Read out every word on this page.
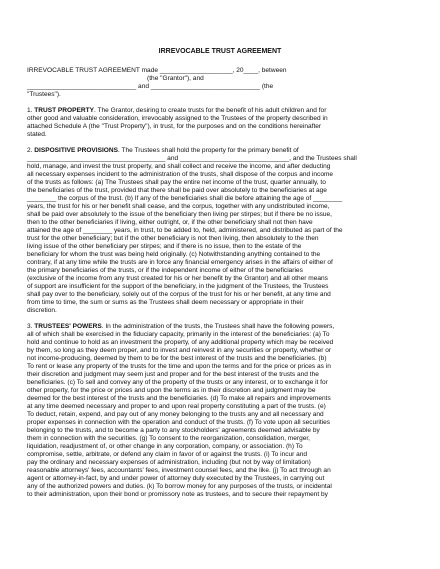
IRREVOCABLE TRUST AGREEMENT
IRREVOCABLE TRUST AGREEMENT made ____________________, 20____, between
(the "Grantor"), and
______________________________ and ______________________________ (the
"Trustees").
1. TRUST PROPERTY. The Grantor, desiring to create trusts for the benefit of his adult children and for
other good and valuable consideration, irrevocably assigned to the Trustees of the property described in
attached Schedule A (the "Trust Property"), in trust, for the purposes and on the conditions hereinafter
stated.
2. DISPOSITIVE PROVISIONS. The Trustees shall hold the property for the primary benefit of
______________________________________ and ______________________________, and the Trustees shall
hold, manage, and invest the trust property, and shall collect and receive the income, and after deducting
all necessary expenses incident to the administration of the trusts, shall dispose of the corpus and income
of the trusts as follows: (a) The Trustees shall pay the entire net income of the trust, quarter annually, to
the beneficiaries of the trust, provided that there shall be paid over absolutely to the beneficiaries at age
________ the corpus of the trust. (b) If any of the beneficiaries shall die before attaining the age of ________
years, the trust for his or her benefit shall cease, and the corpus, together with any undistributed income,
shall be paid over absolutely to the issue of the beneficiary then living per stirpes; but if there be no issue,
then to the other beneficiaries if living, either outright, or, if the other beneficiary shall not then have
attained the age of ________ years, in trust, to be added to, held, administered, and distributed as part of the
trust for the other beneficiary; but if the other beneficiary is not then living, then absolutely to the then
living issue of the other beneficiary per stirpes; and if there is no issue, then to the estate of the
beneficiary for whom the trust was being held originally. (c) Notwithstanding anything contained to the
contrary, if at any time while the trusts are in force any financial emergency arises in the affairs of either of
the primary beneficiaries of the trusts, or if the independent income of either of the beneficiaries
(exclusive of the income from any trust created for his or her benefit by the Grantor) and all other means
of support are insufficient for the support of the beneficiary, in the judgment of the Trustees, the Trustees
shall pay over to the beneficiary, solely out of the corpus of the trust for his or her benefit, at any time and
from time to time, the sum or sums as the Trustees shall deem necessary or appropriate in their
discretion.
3. TRUSTEES' POWERS. In the administration of the trusts, the Trustees shall have the following powers,
all of which shall be exercised in the fiduciary capacity, primarily in the interest of the beneficiaries: (a) To
hold and continue to hold as an investment the property, of any additional property which may be received
by them, so long as they deem proper, and to invest and reinvest in any securities or property, whether or
not income-producing, deemed by them to be for the best interest of the trusts and the beneficiaries. (b)
To rent or lease any property of the trusts for the time and upon the terms and for the price or prices as in
their discretion and judgment may seem just and proper and for the best interest of the trusts and the
beneficiaries. (c) To sell and convey any of the property of the trusts or any interest, or to exchange it for
other property, for the price or prices and upon the terms as in their discretion and judgment may be
deemed for the best interest of the trusts and the beneficiaries. (d) To make all repairs and improvements
at any time deemed necessary and proper to and upon real property constituting a part of the trusts. (e)
To deduct, retain, expend, and pay out of any money belonging to the trusts any and all necessary and
proper expenses in connection with the operation and conduct of the trusts. (f) To vote upon all securities
belonging to the trusts, and to become a party to any stockholders' agreements deemed advisable by
them in connection with the securities. (g) To consent to the reorganization, consolidation, merger,
liquidation, readjustment of, or other change in any corporation, company, or association. (h) To
compromise, settle, arbitrate, or defend any claim in favor of or against the trusts. (i) To incur and
pay the ordinary and necessary expenses of administration, including (but not by way of limitation)
reasonable attorneys' fees, accountants' fees, investment counsel fees, and the like. (j) To act through an
agent or attorney-in-fact, by and under power of attorney duly executed by the Trustees, in carrying out
any of the authorized powers and duties. (k) To borrow money for any purposes of the trusts, or incidental
to their administration, upon their bond or promissory note as trustees, and to secure their repayment by
